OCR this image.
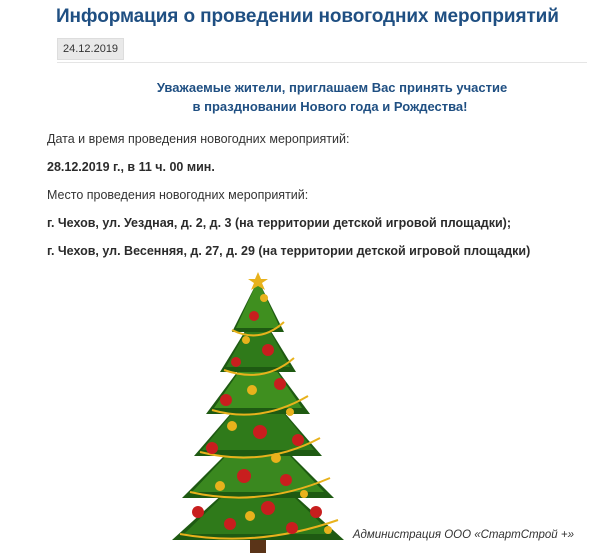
Информация о проведении новогодних мероприятий
24.12.2019
Уважаемые жители, приглашаем Вас принять участие
в праздновании Нового года и Рождества!
Дата и время проведения новогодних мероприятий:
28.12.2019 г., в 11 ч. 00 мин.
Место проведения новогодних мероприятий:
г. Чехов, ул. Уездная, д. 2, д. 3 (на территории детской игровой площадки);
г. Чехов, ул. Весенняя, д. 27, д. 29 (на территории детской игровой площадки)
Администрация ООО «СтартСтрой +»
